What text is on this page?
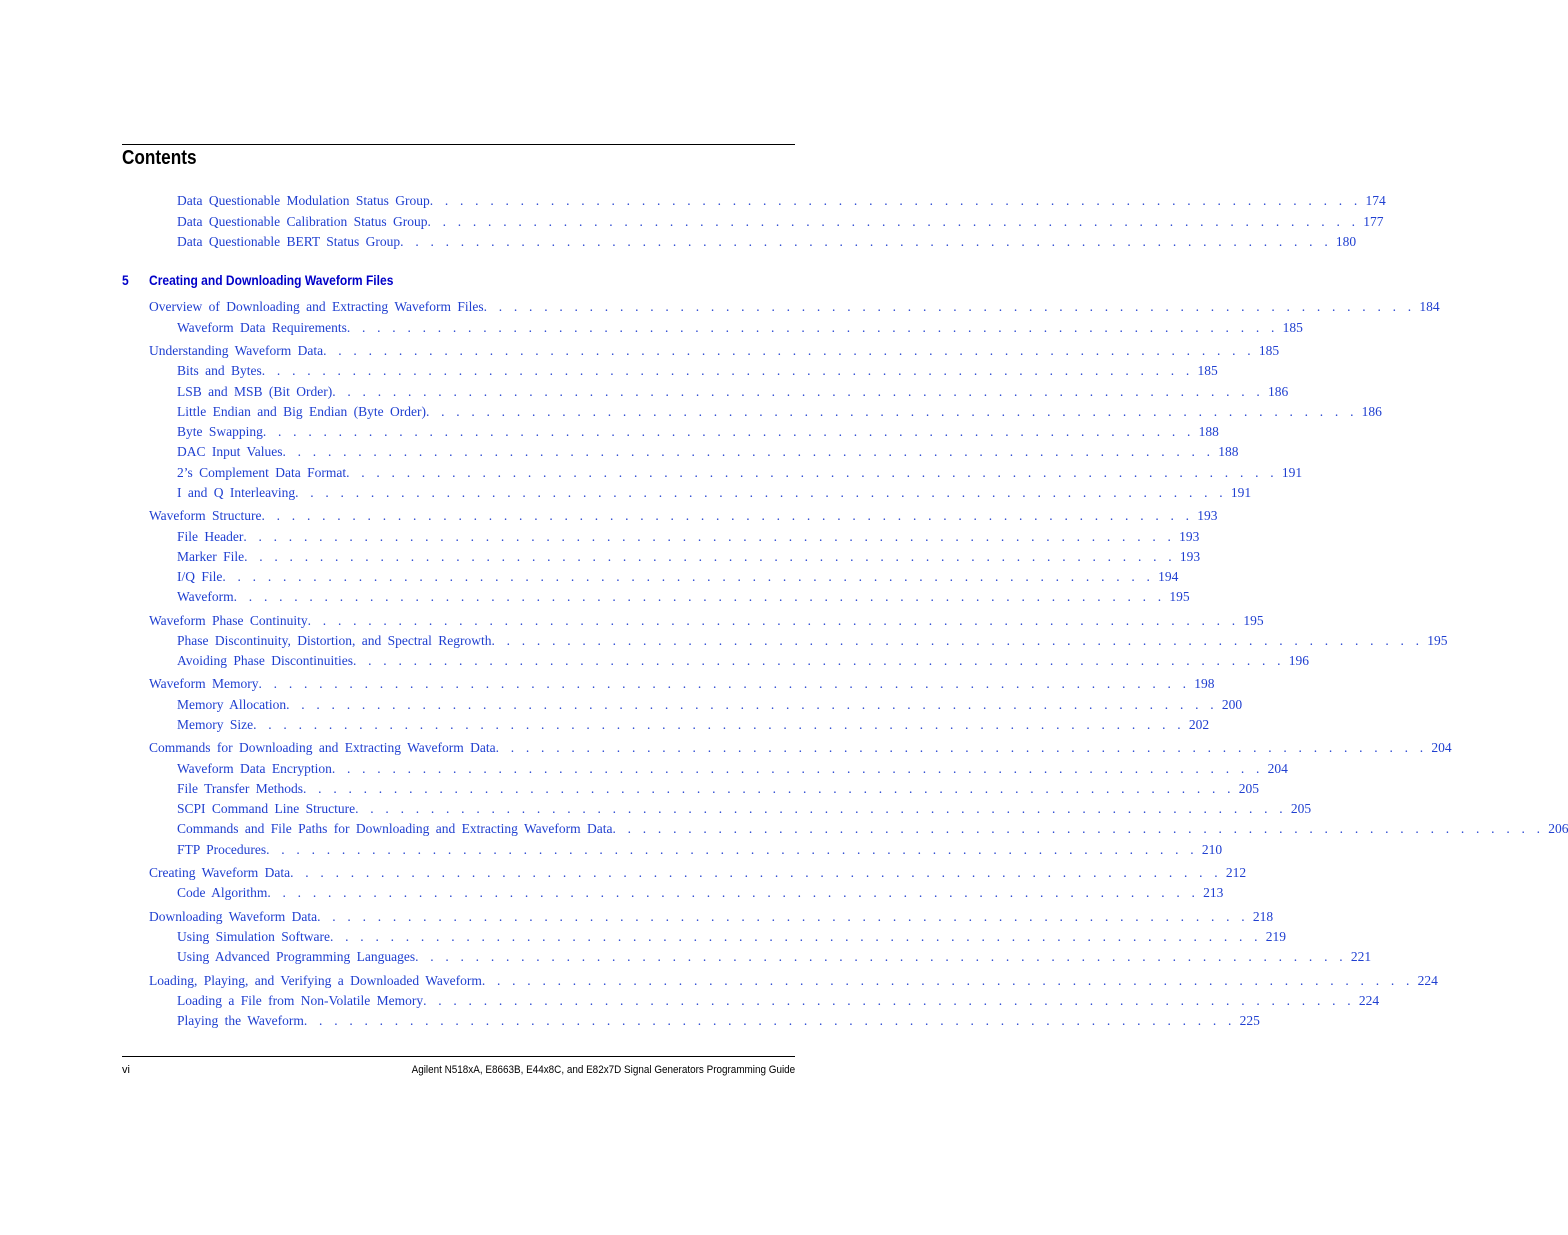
Contents
5 Creating and Downloading Waveform Files
Data Questionable Modulation Status Group . . . . . . . . . . . . . . . . . . . . . . . . . . . . . . . . . . . . . . . . . . . . . . . . . . . . . . . . . . . . . . 174
Data Questionable Calibration Status Group . . . . . . . . . . . . . . . . . . . . . . . . . . . . . . . . . . . . . . . . . . . . . . . . . . . . . . . . . . . . . . 177
Data Questionable BERT Status Group . . . . . . . . . . . . . . . . . . . . . . . . . . . . . . . . . . . . . . . . . . . . . . . . . . . . . . . . . . . . . . 180
Overview of Downloading and Extracting Waveform Files . . . . . . . . . . . . . . . . . . . . . . . . . . . . . . . . . . . . . . . . . . . . . . . . . . . . . . . . . . . . . . 184
Waveform Data Requirements . . . . . . . . . . . . . . . . . . . . . . . . . . . . . . . . . . . . . . . . . . . . . . . . . . . . . . . . . . . . . . 185
Understanding Waveform Data . . . . . . . . . . . . . . . . . . . . . . . . . . . . . . . . . . . . . . . . . . . . . . . . . . . . . . . . . . . . . . 185
Bits and Bytes . . . . . . . . . . . . . . . . . . . . . . . . . . . . . . . . . . . . . . . . . . . . . . . . . . . . . . . . . . . . . . 185
LSB and MSB (Bit Order) . . . . . . . . . . . . . . . . . . . . . . . . . . . . . . . . . . . . . . . . . . . . . . . . . . . . . . . . . . . . . . 186
Little Endian and Big Endian (Byte Order) . . . . . . . . . . . . . . . . . . . . . . . . . . . . . . . . . . . . . . . . . . . . . . . . . . . . . . . . . . . . . . 186
Byte Swapping . . . . . . . . . . . . . . . . . . . . . . . . . . . . . . . . . . . . . . . . . . . . . . . . . . . . . . . . . . . . . . 188
DAC Input Values . . . . . . . . . . . . . . . . . . . . . . . . . . . . . . . . . . . . . . . . . . . . . . . . . . . . . . . . . . . . . . 188
2’s Complement Data Format . . . . . . . . . . . . . . . . . . . . . . . . . . . . . . . . . . . . . . . . . . . . . . . . . . . . . . . . . . . . . . 191
I and Q Interleaving . . . . . . . . . . . . . . . . . . . . . . . . . . . . . . . . . . . . . . . . . . . . . . . . . . . . . . . . . . . . . . 191
Waveform Structure . . . . . . . . . . . . . . . . . . . . . . . . . . . . . . . . . . . . . . . . . . . . . . . . . . . . . . . . . . . . . . 193
File Header . . . . . . . . . . . . . . . . . . . . . . . . . . . . . . . . . . . . . . . . . . . . . . . . . . . . . . . . . . . . . . 193
Marker File . . . . . . . . . . . . . . . . . . . . . . . . . . . . . . . . . . . . . . . . . . . . . . . . . . . . . . . . . . . . . . 193
I/Q File . . . . . . . . . . . . . . . . . . . . . . . . . . . . . . . . . . . . . . . . . . . . . . . . . . . . . . . . . . . . . . 194
Waveform . . . . . . . . . . . . . . . . . . . . . . . . . . . . . . . . . . . . . . . . . . . . . . . . . . . . . . . . . . . . . . 195
Waveform Phase Continuity . . . . . . . . . . . . . . . . . . . . . . . . . . . . . . . . . . . . . . . . . . . . . . . . . . . . . . . . . . . . . . 195
Phase Discontinuity, Distortion, and Spectral Regrowth . . . . . . . . . . . . . . . . . . . . . . . . . . . . . . . . . . . . . . . . . . . . . . . . . . . . . . . . . . . . . . 195
Avoiding Phase Discontinuities . . . . . . . . . . . . . . . . . . . . . . . . . . . . . . . . . . . . . . . . . . . . . . . . . . . . . . . . . . . . . . 196
Waveform Memory . . . . . . . . . . . . . . . . . . . . . . . . . . . . . . . . . . . . . . . . . . . . . . . . . . . . . . . . . . . . . . 198
Memory Allocation . . . . . . . . . . . . . . . . . . . . . . . . . . . . . . . . . . . . . . . . . . . . . . . . . . . . . . . . . . . . . . 200
Memory Size . . . . . . . . . . . . . . . . . . . . . . . . . . . . . . . . . . . . . . . . . . . . . . . . . . . . . . . . . . . . . . 202
Commands for Downloading and Extracting Waveform Data . . . . . . . . . . . . . . . . . . . . . . . . . . . . . . . . . . . . . . . . . . . . . . . . . . . . . . . . . . . . . . 204
Waveform Data Encryption . . . . . . . . . . . . . . . . . . . . . . . . . . . . . . . . . . . . . . . . . . . . . . . . . . . . . . . . . . . . . . 204
File Transfer Methods . . . . . . . . . . . . . . . . . . . . . . . . . . . . . . . . . . . . . . . . . . . . . . . . . . . . . . . . . . . . . . 205
SCPI Command Line Structure . . . . . . . . . . . . . . . . . . . . . . . . . . . . . . . . . . . . . . . . . . . . . . . . . . . . . . . . . . . . . . 205
Commands and File Paths for Downloading and Extracting Waveform Data . . . . . . . . . . . . . . . . . . . . . . . . . . . . . . . . . . . . . . . . . . . . . . . . . . . . . . . . . . . . . . 206
FTP Procedures . . . . . . . . . . . . . . . . . . . . . . . . . . . . . . . . . . . . . . . . . . . . . . . . . . . . . . . . . . . . . . 210
Creating Waveform Data . . . . . . . . . . . . . . . . . . . . . . . . . . . . . . . . . . . . . . . . . . . . . . . . . . . . . . . . . . . . . . 212
Code Algorithm . . . . . . . . . . . . . . . . . . . . . . . . . . . . . . . . . . . . . . . . . . . . . . . . . . . . . . . . . . . . . . 213
Downloading Waveform Data . . . . . . . . . . . . . . . . . . . . . . . . . . . . . . . . . . . . . . . . . . . . . . . . . . . . . . . . . . . . . . 218
Using Simulation Software . . . . . . . . . . . . . . . . . . . . . . . . . . . . . . . . . . . . . . . . . . . . . . . . . . . . . . . . . . . . . . 219
Using Advanced Programming Languages . . . . . . . . . . . . . . . . . . . . . . . . . . . . . . . . . . . . . . . . . . . . . . . . . . . . . . . . . . . . . . 221
Loading, Playing, and Verifying a Downloaded Waveform . . . . . . . . . . . . . . . . . . . . . . . . . . . . . . . . . . . . . . . . . . . . . . . . . . . . . . . . . . . . . . 224
Loading a File from Non-Volatile Memory . . . . . . . . . . . . . . . . . . . . . . . . . . . . . . . . . . . . . . . . . . . . . . . . . . . . . . . . . . . . . . 224
Playing the Waveform . . . . . . . . . . . . . . . . . . . . . . . . . . . . . . . . . . . . . . . . . . . . . . . . . . . . . . . . . . . . . . 225
vi	Agilent N518xA, E8663B, E44x8C, and E82x7D Signal Generators Programming Guide
